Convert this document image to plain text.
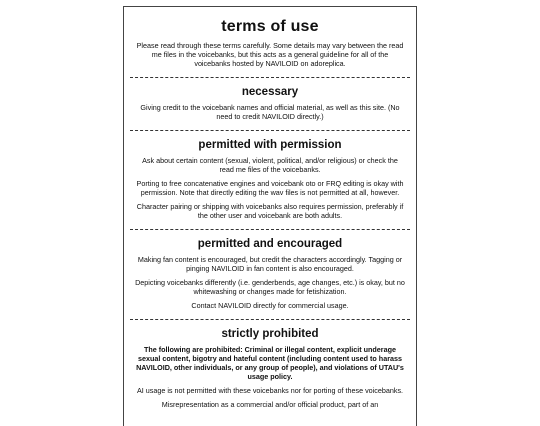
terms of use

Please read through these terms carefully. Some details may vary between the read me files in the voicebanks, but this acts as a general guideline for all of the voicebanks hosted by NAVILOID on adoreplica.

necessary

Giving credit to the voicebank names and official material, as well as this site. (No need to credit NAVILOID directly.)

permitted with permission

Ask about certain content (sexual, violent, political, and/or religious) or check the read me files of the voicebanks.

Porting to free concatenative engines and voicebank oto or FRQ editing is okay with permission. Note that directly editing the wav files is not permitted at all, however.

Character pairing or shipping with voicebanks also requires permission, preferably if the other user and voicebank are both adults.

permitted and encouraged

Making fan content is encouraged, but credit the characters accordingly. Tagging or pinging NAVILOID in fan content is also encouraged.

Depicting voicebanks differently (i.e. genderbends, age changes, etc.) is okay, but no whitewashing or changes made for fetishization.

Contact NAVILOID directly for commercial usage.

strictly prohibited

The following are prohibited: Criminal or illegal content, explicit underage sexual content, bigotry and hateful content (including content used to harass NAVILOID, other individuals, or any group of people), and violations of UTAU's usage policy.

AI usage is not permitted with these voicebanks nor for porting of these voicebanks.

Misrepresentation as a commercial and/or official product, part of an
